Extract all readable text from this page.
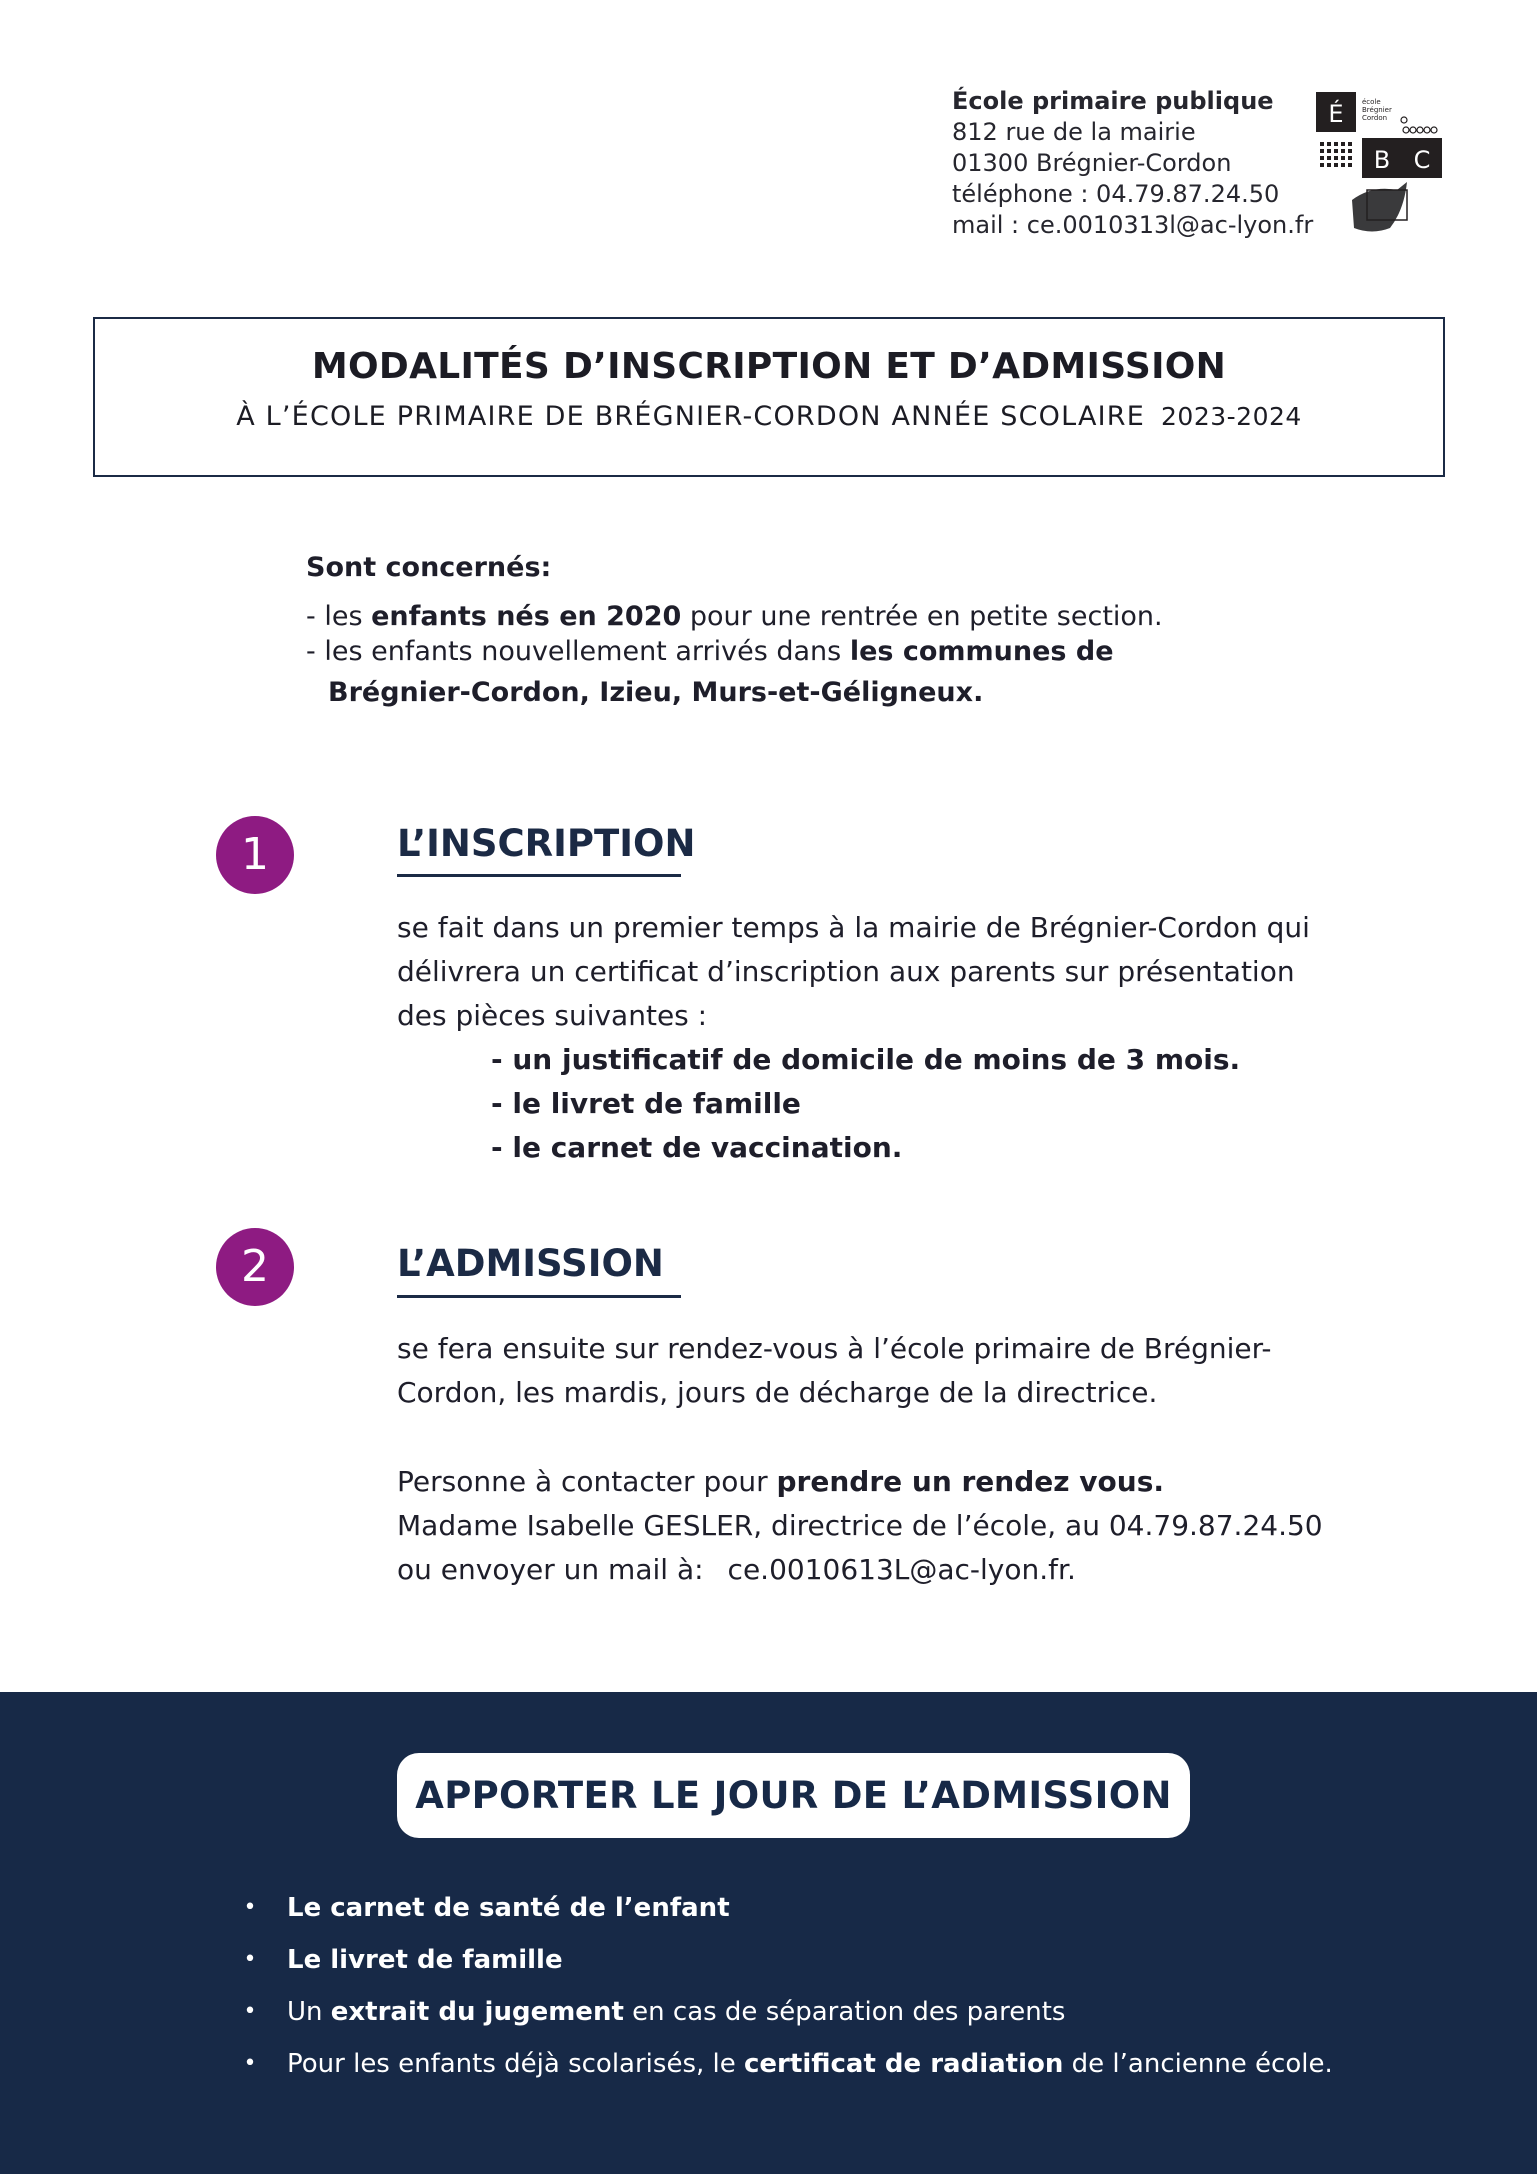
École primaire publique
812 rue de la mairie
01300 Brégnier-Cordon
téléphone : 04.79.87.24.50
mail : ce.0010313l@ac-lyon.fr
É	école
Brégnier
Cordon
B C
MODALITÉS D’INSCRIPTION ET D’ADMISSION
À L’ÉCOLE PRIMAIRE DE BRÉGNIER-CORDON ANNÉE SCOLAIRE 2023-2024
Sont concernés:
- les enfants nés en 2020 pour une rentrée en petite section.
- les enfants nouvellement arrivés dans les communes de
Brégnier-Cordon, Izieu, Murs-et-Géligneux.
1	L’INSCRIPTION
se fait dans un premier temps à la mairie de Brégnier-Cordon qui
délivrera un certificat d’inscription aux parents sur présentation
des pièces suivantes :
- un justificatif de domicile de moins de 3 mois.
- le livret de famille
- le carnet de vaccination.
2	L’ADMISSION
se fera ensuite sur rendez-vous à l’école primaire de Brégnier-
Cordon, les mardis, jours de décharge de la directrice.
Personne à contacter pour prendre un rendez vous.
Madame Isabelle GESLER, directrice de l’école, au 04.79.87.24.50
ou envoyer un mail à: ce.0010613L@ac-lyon.fr.
APPORTER LE JOUR DE L’ADMISSION
• Le carnet de santé de l’enfant
• Le livret de famille
• Un extrait du jugement en cas de séparation des parents
• Pour les enfants déjà scolarisés, le certificat de radiation de l’ancienne école.
